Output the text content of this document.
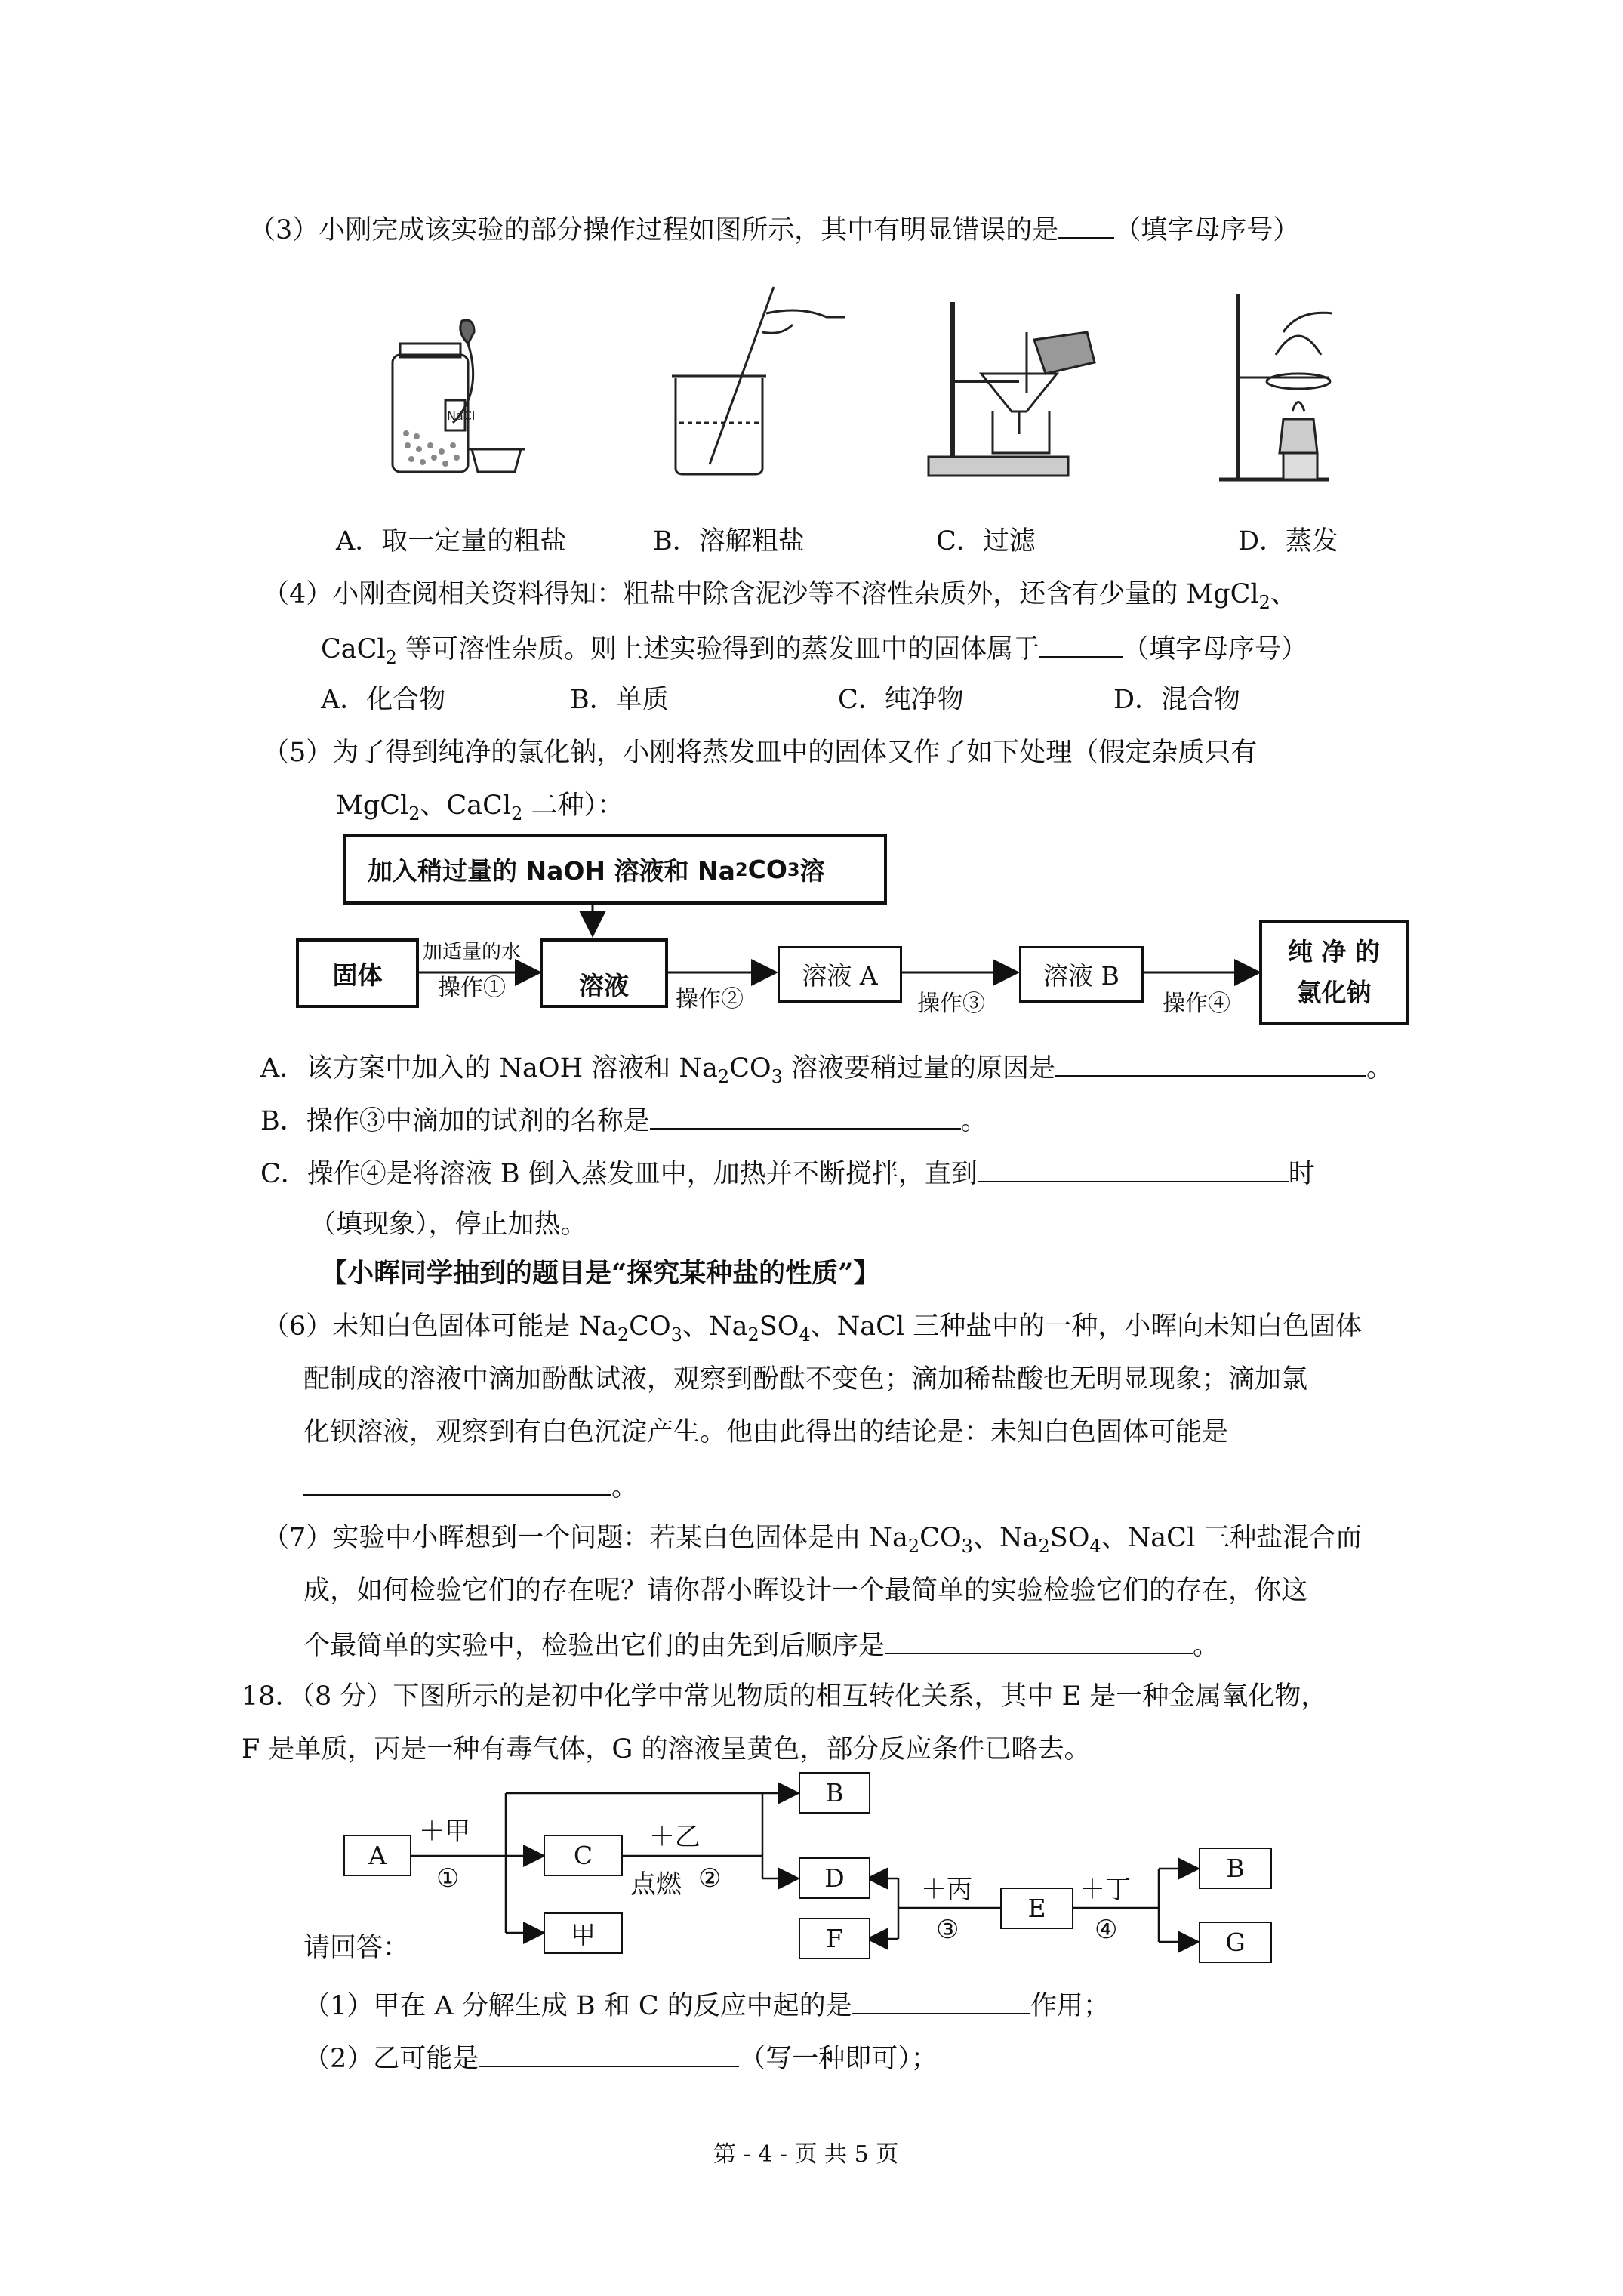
（3）小刚完成该实验的部分操作过程如图所示，其中有明显错误的是 （填字母序号）
NaCl
A．取一定量的粗盐	B．溶解粗盐	C．过滤	D．蒸发
（4）小刚查阅相关资料得知：粗盐中除含泥沙等不溶性杂质外，还含有少量的 MgCl$_2$、
CaCl$_2$ 等可溶性杂质。则上述实验得到的蒸发皿中的固体属于	（填字母序号）
A．化合物	B．单质	C．纯净物	D．混合物
（5）为了得到纯净的氯化钠，小刚将蒸发皿中的固体又作了如下处理（假定杂质只有
MgCl$_2$、CaCl$_2$ 二种）：
加入稍过量的 NaOH 溶液和 Na 2 CO 3 溶
固体
加适量的水
操作①	溶液	操作②
溶液 A
操作③
溶液 B
操作④
纯 净 的
氯化钠
A．该方案中加入的 NaOH 溶液和 $Na_2CO_3$ 溶液要稍过量的原因是	。
B．操作③中滴加的试剂的名称是	。
C．操作④是将溶液 B 倒入蒸发皿中，加热并不断搅拌，直到	时
（填现象），停止加热。
【小晖同学抽到的题目是“探究某种盐的性质”】
（6）未知白色固体可能是 $Na_2CO_3$、$Na_2SO_4$、NaCl 三种盐中的一种，小晖向未知白色固体
配制成的溶液中滴加酚酞试液，观察到酚酞不变色；滴加稀盐酸也无明显现象；滴加氯
化钡溶液，观察到有白色沉淀产生。他由此得出的结论是：未知白色固体可能是
。
（7）实验中小晖想到一个问题：若某白色固体是由 $Na_2CO_3$、$Na_2SO_4$、NaCl 三种盐混合而
成，如何检验它们的存在呢？请你帮小晖设计一个最简单的实验检验它们的存在，你这
个最简单的实验中，检验出它们的由先到后顺序是	。
18．（8 分）下图所示的是初中化学中常见物质的相互转化关系，其中 E 是一种金属氧化物，
F 是单质，丙是一种有毒气体，G 的溶液呈黄色，部分反应条件已略去。
A	C
B
D
甲	F
E
B
G
＋甲
①
＋乙
点燃 ②	＋丙
③
＋丁
④
请回答：
（1）甲在 A 分解生成 B 和 C 的反应中起的是	作用；
（2）乙可能是	（写一种即可）；
第 - 4 - 页 共 5 页
